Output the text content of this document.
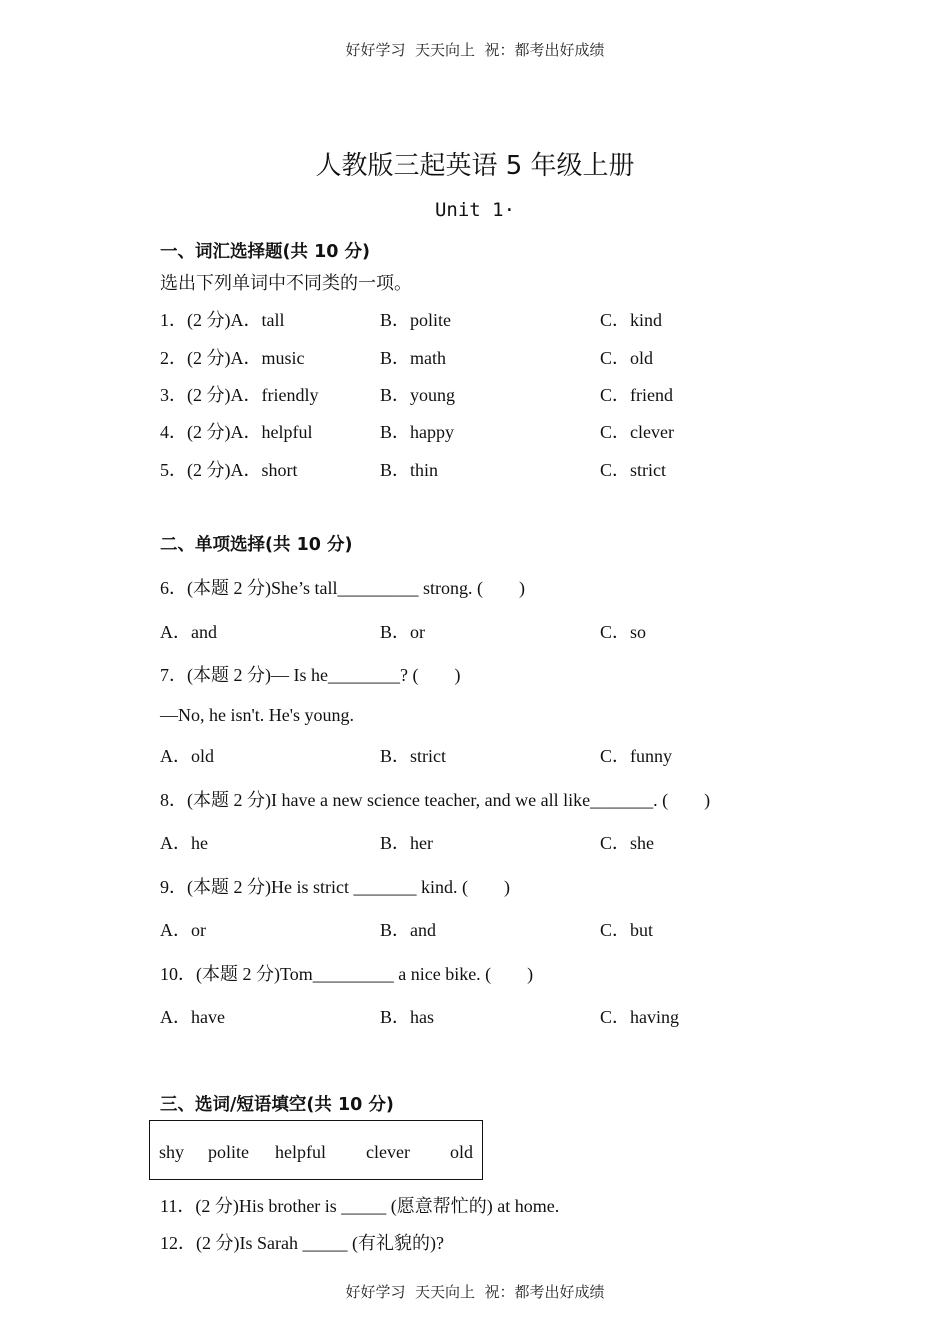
好好学习  天天向上  祝：都考出好成绩
人教版三起英语 5 年级上册
Unit 1·
一、词汇选择题(共 10 分)
选出下列单词中不同类的一项。
1．(2 分)A．tall	B．polite	C．kind
2．(2 分)A．music	B．math	C．old
3．(2 分)A．friendly	B．young	C．friend
4．(2 分)A．helpful	B．happy	C．clever
5．(2 分)A．short	B．thin	C．strict
二、单项选择(共 10 分)
6．(本题 2 分)She’s tall_________ strong. (　　)
A．and	B．or	C．so
7．(本题 2 分)— Is he________? (　　)
—No, he isn't. He's young.
A．old	B．strict	C．funny
8．(本题 2 分)I have a new science teacher, and we all like_______. (　　)
A．he	B．her	C．she
9．(本题 2 分)He is strict _______ kind. (　　)
A．or	B．and	C．but
10．(本题 2 分)Tom_________ a nice bike. (　　)
A．have	B．has	C．having
三、选词/短语填空(共 10 分)
shy polite helpful clever old
11．(2 分)His brother is _____ (愿意帮忙的) at home.
12．(2 分)Is Sarah _____ (有礼貌的)?
好好学习  天天向上  祝：都考出好成绩
